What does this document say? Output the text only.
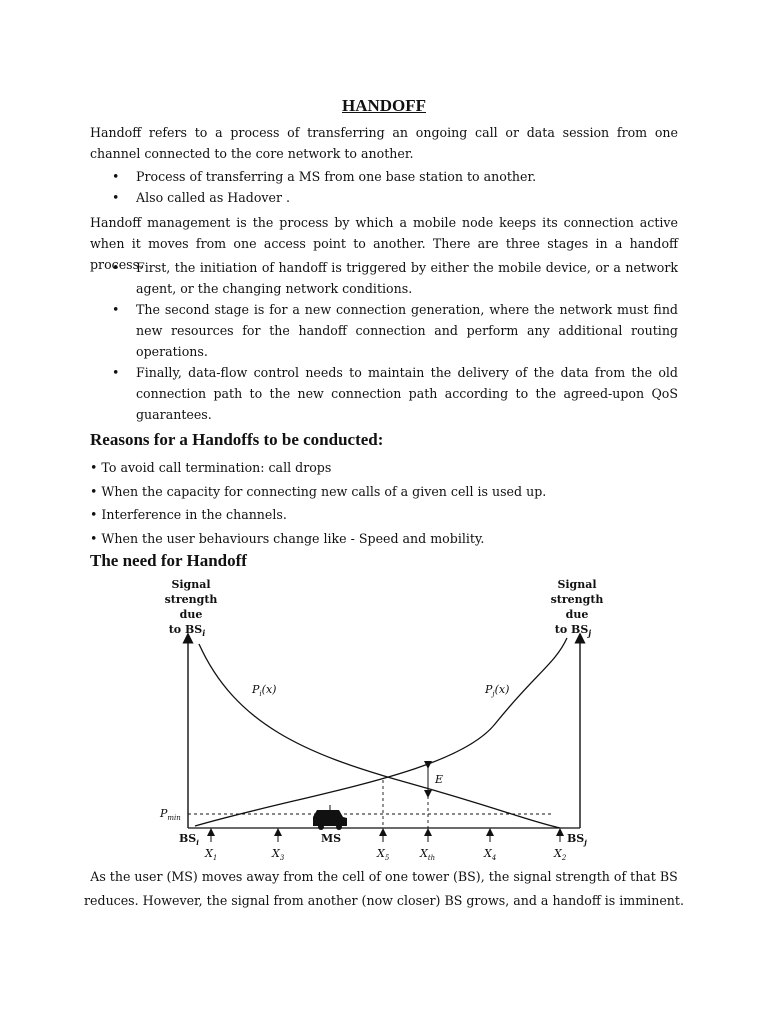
HANDOFF

Handoff refers to a process of transferring an ongoing call or data session from one channel connected to the core network to another.

• Process of transferring a MS from one base station to another.
• Also called as Hadover .

Handoff management is the process by which a mobile node keeps its connection active when it moves from one access point to another. There are three stages in a handoff process.

• First, the initiation of handoff is triggered by either the mobile device, or a network agent, or the changing network conditions.
• The second stage is for a new connection generation, where the network must find new resources for the handoff connection and perform any additional routing operations.
• Finally, data-flow control needs to maintain the delivery of the data from the old connection path to the new connection path according to the agreed-upon QoS guarantees.
Reasons for a Handoffs to be conducted:
• To avoid call termination: call drops
• When the capacity for connecting new calls of a given cell is used up.
• Interference in the channels.
• When the user behaviours change like - Speed and mobility.
The need for Handoff
Signal
strength
due
to $BS_i$
Signal
strength
due
to $BS_j$
$P_{min}$
$P_i(x)$	$P_j(x)$
E
MS
$BS_i$	$BS_j$
$X_1$	$X_3$	$X_5$	$X_{th}$	$X_4$	$X_2$
As the user (MS) moves away from the cell of one tower (BS), the signal strength of that BS reduces. However, the signal from another (now closer) BS grows, and a handoff is imminent.
